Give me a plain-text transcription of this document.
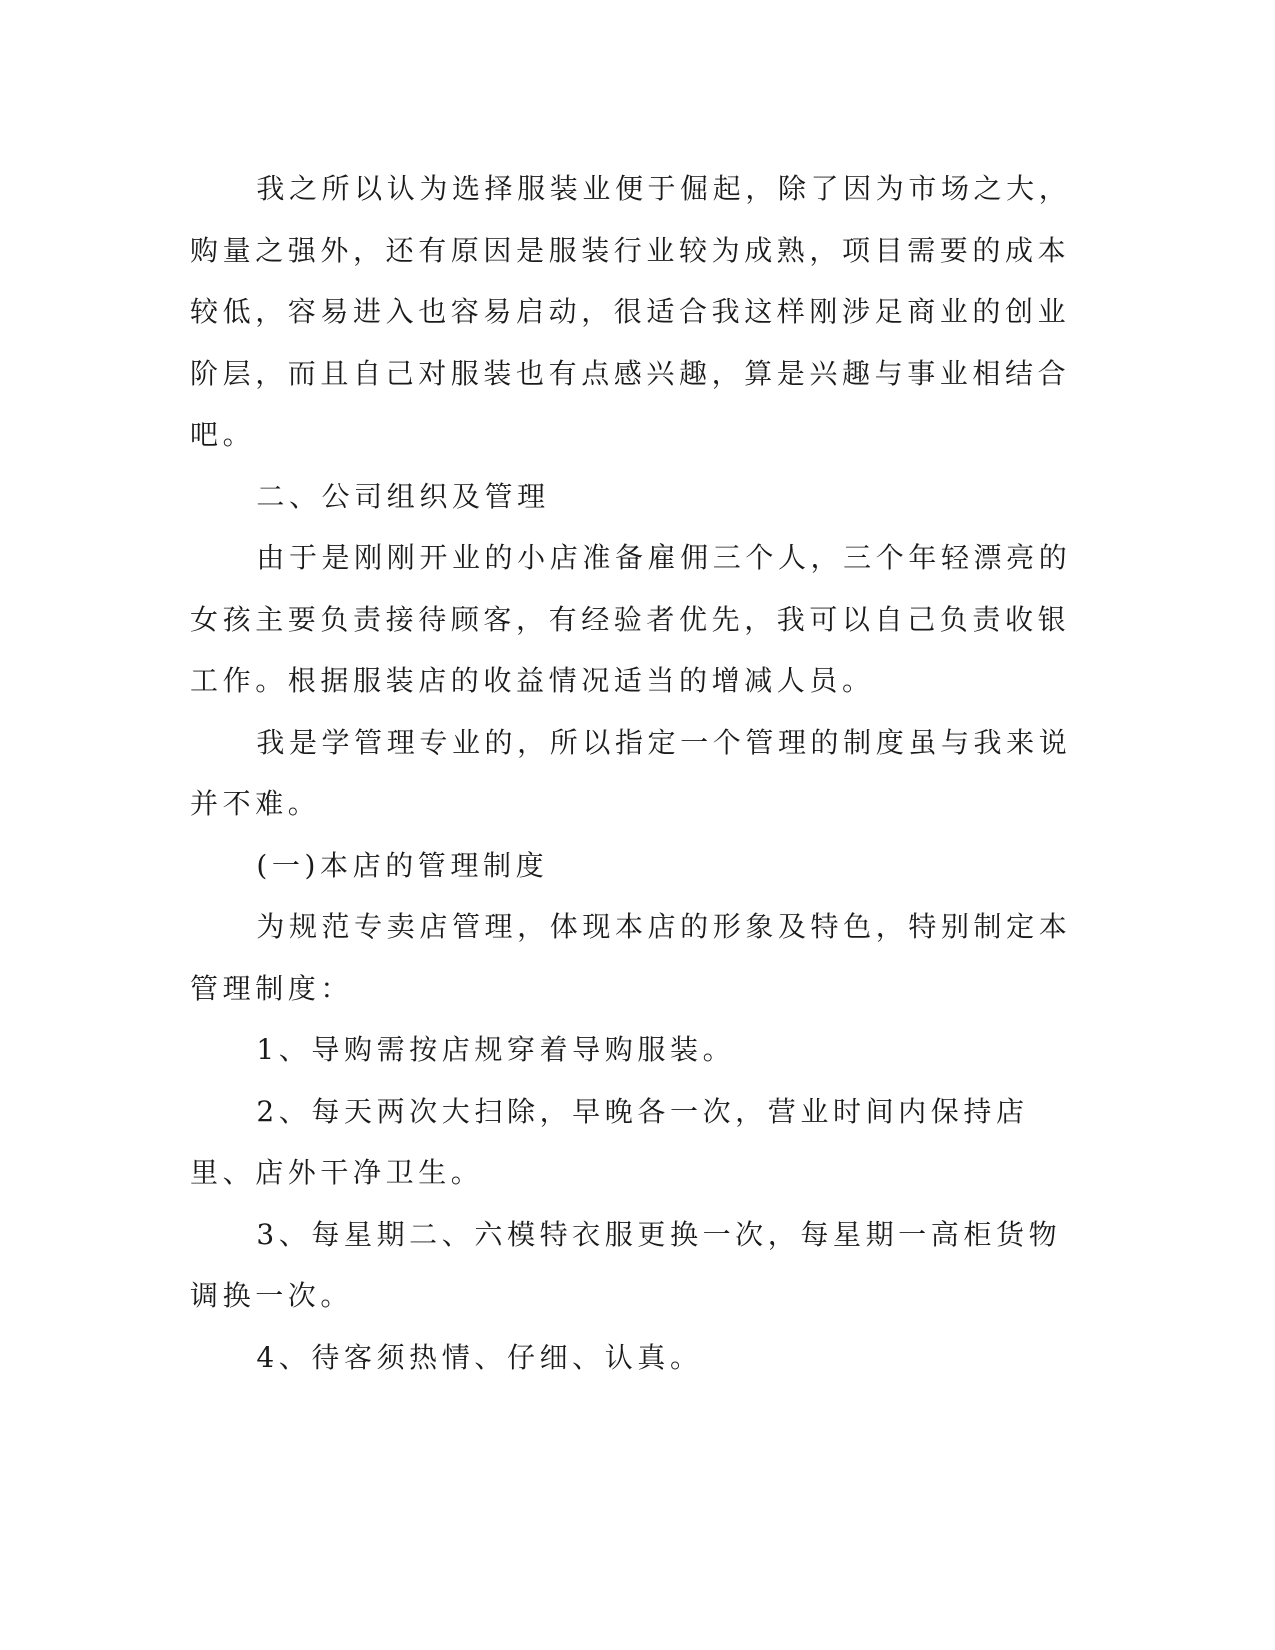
我之所以认为选择服装业便于倔起，除了因为市场之大，购量之强外，还有原因是服装行业较为成熟，项目需要的成本较低，容易进入也容易启动，很适合我这样刚涉足商业的创业阶层，而且自己对服装也有点感兴趣，算是兴趣与事业相结合吧。

二、公司组织及管理

由于是刚刚开业的小店准备雇佣三个人，三个年轻漂亮的女孩主要负责接待顾客，有经验者优先，我可以自己负责收银工作。根据服装店的收益情况适当的增减人员。

我是学管理专业的，所以指定一个管理的制度虽与我来说并不难。

(一)本店的管理制度

为规范专卖店管理，体现本店的形象及特色，特别制定本管理制度：

1、导购需按店规穿着导购服装。

2、每天两次大扫除，早晚各一次，营业时间内保持店里、店外干净卫生。

3、每星期二、六模特衣服更换一次，每星期一高柜货物调换一次。

4、待客须热情、仔细、认真。
